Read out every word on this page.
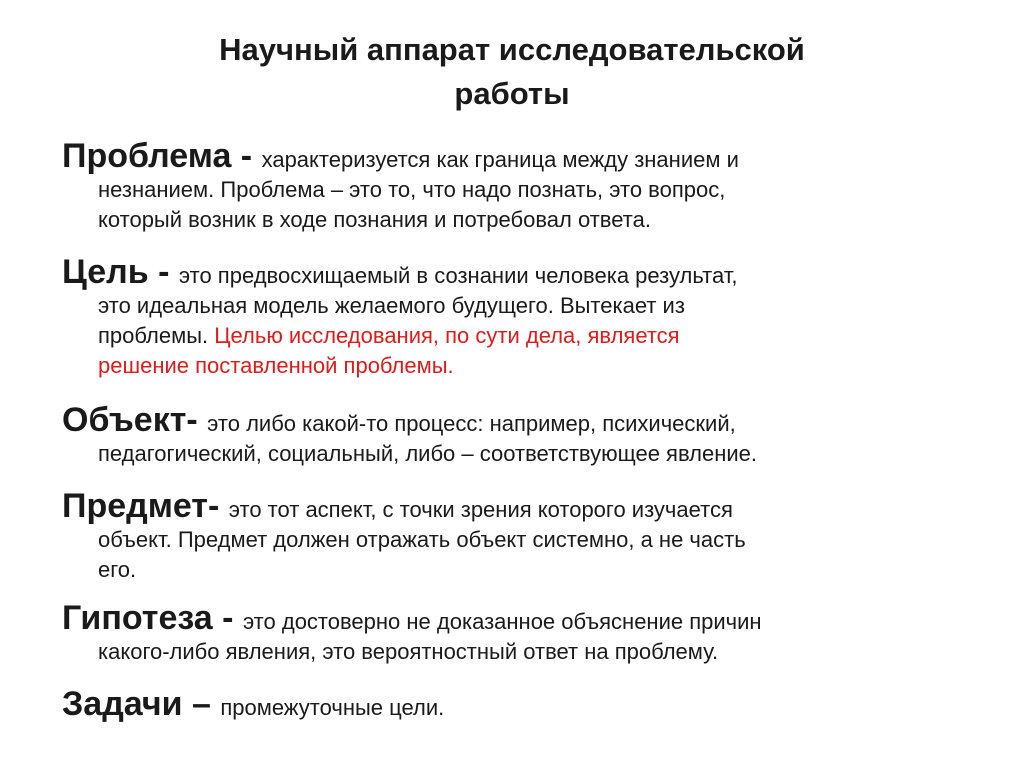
Научный аппарат исследовательской
работы
Проблема - характеризуется как граница между знанием и
незнанием. Проблема – это то, что надо познать, это вопрос,
который возник в ходе познания и потребовал ответа.
Цель - это предвосхищаемый в сознании человека результат,
это идеальная модель желаемого будущего. Вытекает из
проблемы. Целью исследования, по сути дела, является
решение поставленной проблемы.
Объект- это либо какой-то процесс: например, психический,
педагогический, социальный, либо – соответствующее явление.
Предмет- это тот аспект, с точки зрения которого изучается
объект. Предмет должен отражать объект системно, а не часть
его.
Гипотеза - это достоверно не доказанное объяснение причин
какого-либо явления, это вероятностный ответ на проблему.
Задачи – промежуточные цели.
